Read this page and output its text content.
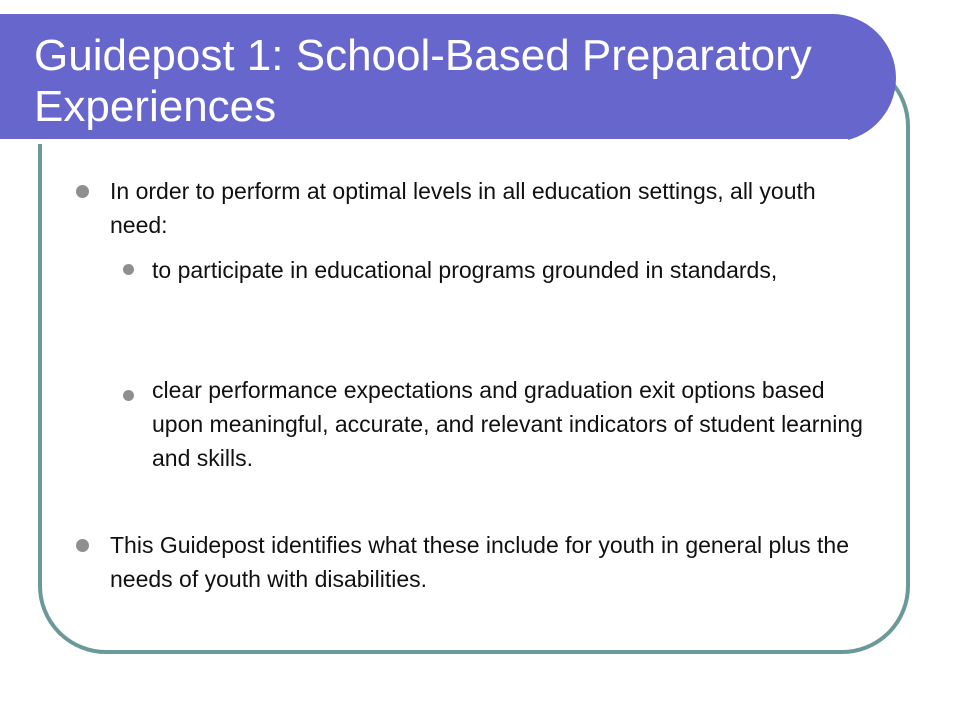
Guidepost 1: School-Based Preparatory Experiences

In order to perform at optimal levels in all education settings, all youth need:

to participate in educational programs grounded in standards,

clear performance expectations and graduation exit options based upon meaningful, accurate, and relevant indicators of student learning and skills.

This Guidepost identifies what these include for youth in general plus the needs of youth with disabilities.
